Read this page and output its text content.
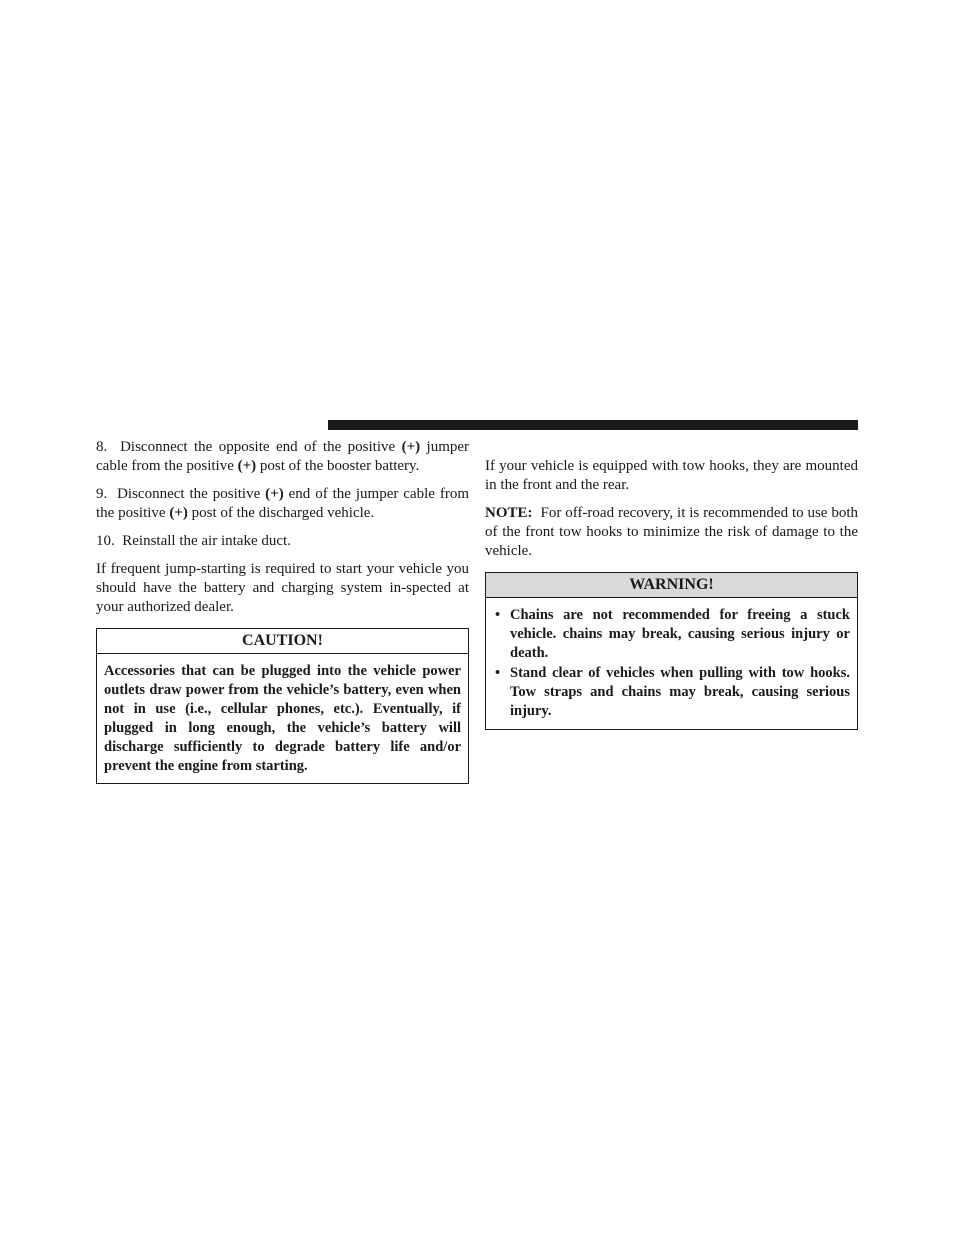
8. Disconnect the opposite end of the positive (+) jumper cable from the positive (+) post of the booster battery.

9. Disconnect the positive (+) end of the jumper cable from the positive (+) post of the discharged vehicle.

10. Reinstall the air intake duct.

If frequent jump-starting is required to start your vehicle you should have the battery and charging system in-spected at your authorized dealer.

CAUTION!
Accessories that can be plugged into the vehicle power outlets draw power from the vehicle’s battery, even when not in use (i.e., cellular phones, etc.). Eventually, if plugged in long enough, the vehicle’s battery will discharge sufficiently to degrade battery life and/or prevent the engine from starting.

If your vehicle is equipped with tow hooks, they are mounted in the front and the rear.

NOTE: For off-road recovery, it is recommended to use both of the front tow hooks to minimize the risk of damage to the vehicle.

WARNING!
• Chains are not recommended for freeing a stuck vehicle. chains may break, causing serious injury or death.
• Stand clear of vehicles when pulling with tow hooks. Tow straps and chains may break, causing serious injury.
